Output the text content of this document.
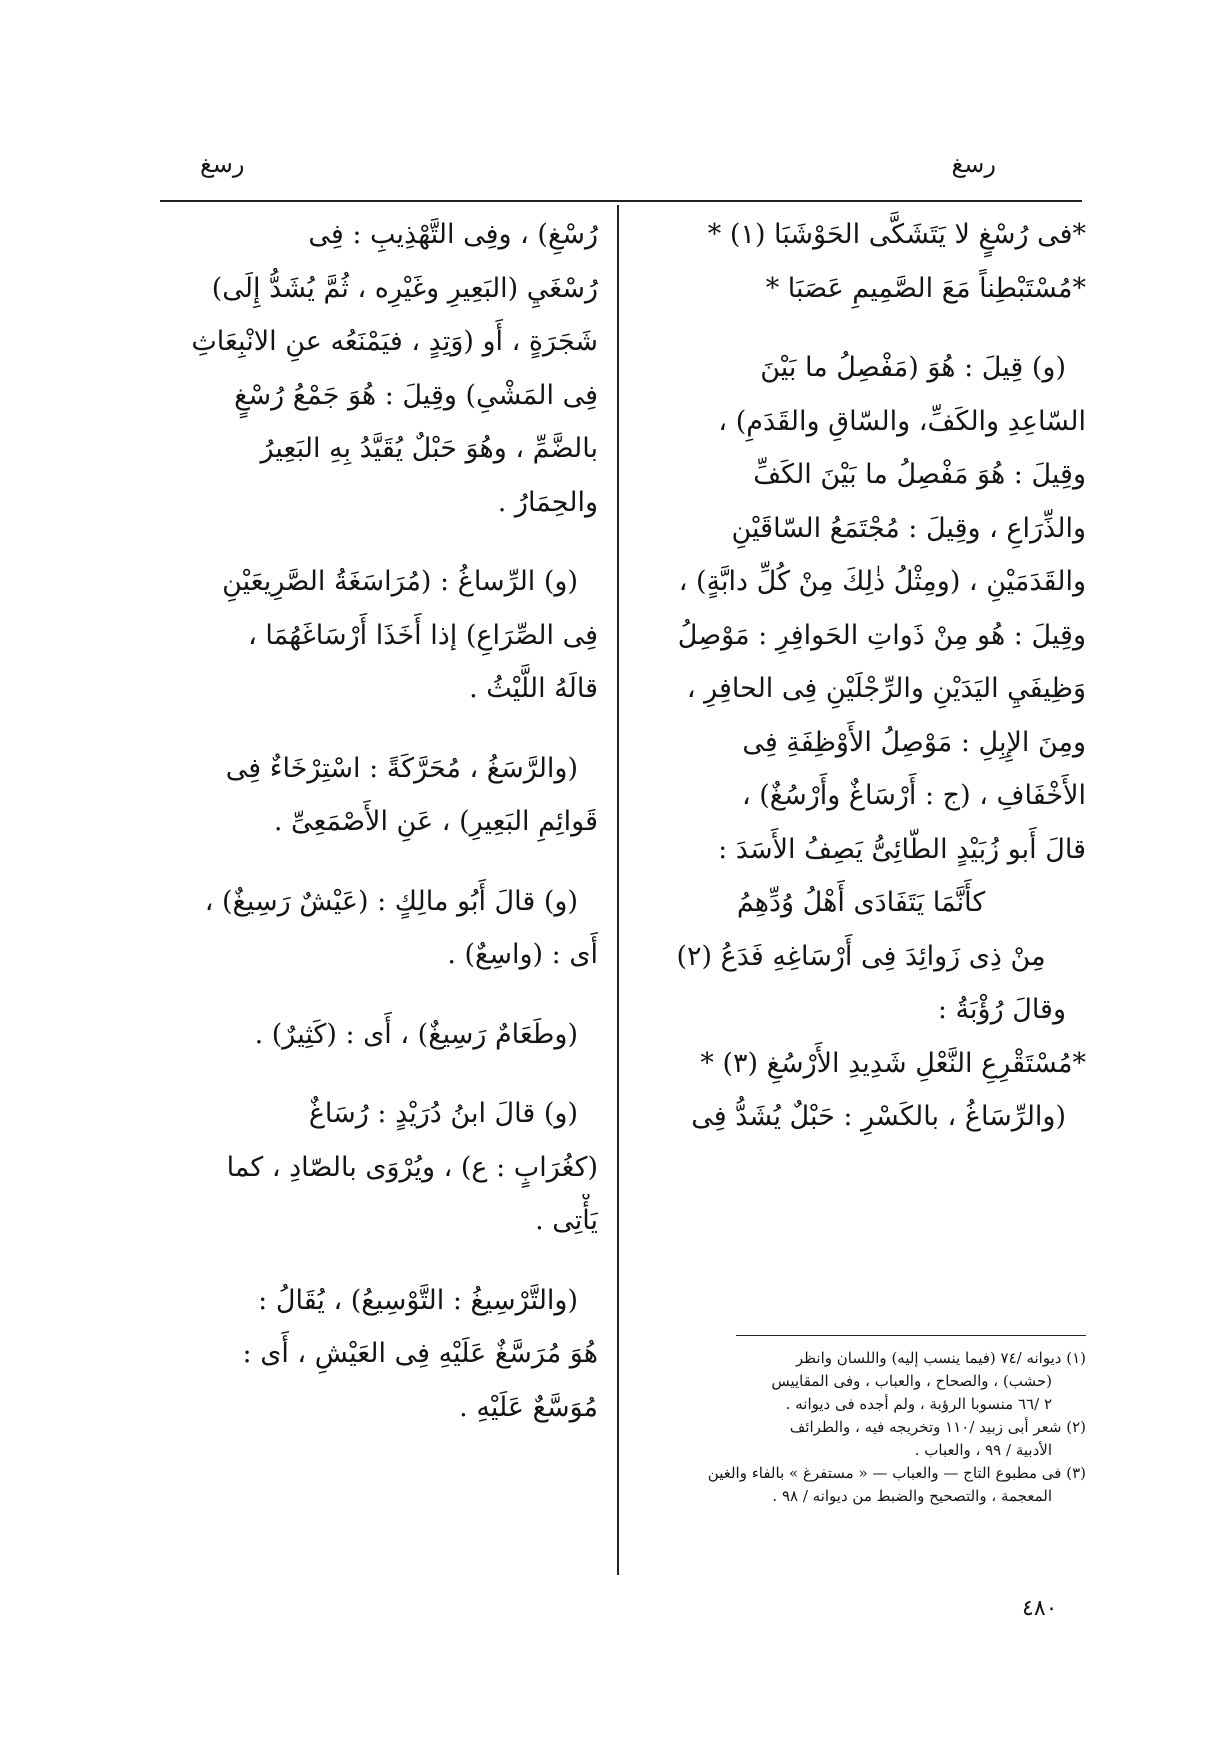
رسغ
رسغ
*فى رُسْغٍ لا يَتَشَكَّى الحَوْشَبَا (١) *
*مُسْتَبْطِناً مَعَ الصَّمِيمِ عَصَبَا *
(و) قِيلَ : هُوَ (مَفْصِلُ ما بَيْنَ
السّاعِدِ والكَفِّ، والسّاقِ والقَدَمِ) ،
وقِيلَ : هُوَ مَفْصِلُ ما بَيْنَ الكَفِّ
والذِّرَاعِ ، وقِيلَ : مُجْتَمَعُ السّاقَيْنِ
والقَدَمَيْنِ ، (ومِثْلُ ذٰلِكَ مِنْ كُلِّ دابَّةٍ) ،
وقِيلَ : هُو مِنْ ذَواتِ الحَوافِرِ : مَوْصِلُ
وَظِيفَيِ اليَدَيْنِ والرِّجْلَيْنِ فِى الحافِرِ ،
ومِنَ الإِبِلِ : مَوْصِلُ الأَوْظِفَةِ فِى
الأَخْفَافِ ، (ج : أَرْسَاغٌ وأَرْسُغٌ) ،
قالَ أَبو زُبَيْدٍ الطّائِىُّ يَصِفُ الأَسَدَ :
كأَنَّمَا يَتَفَادَى أَهْلُ وُدِّهِمُ
مِنْ ذِى زَوائِدَ فِى أَرْسَاغِهِ فَدَعُ (٢)
وقالَ رُؤْبَةُ :
*مُسْتَقْرِعِ النَّعْلِ شَدِيدِ الأَرْسُغِ (٣) *
(والرِّسَاغُ ، بالكَسْرِ : حَبْلٌ يُشَدُّ فِى
رُسْغِ) ، وفِى التَّهْذِيبِ : فِى
رُسْغَيِ (البَعِيرِ وغَيْرِه ، ثُمَّ يُشَدُّ إِلَى)
شَجَرَةٍ ، أَو (وَتِدٍ ، فيَمْنَعُه عنِ الانْبِعَاثِ
فِى المَشْىِ) وقِيلَ : هُوَ جَمْعُ رُسْغٍ
بالضَّمِّ ، وهُوَ حَبْلٌ يُقَيَّدُ بِهِ البَعِيرُ
والحِمَارُ .
(و) الرِّساغُ : (مُرَاسَغَةُ الصَّرِيعَيْنِ
فِى الصِّرَاعِ) إذا أَخَذَا أَرْسَاغَهُمَا ،
قالَهُ اللَّيْثُ .
(والرَّسَغُ ، مُحَرَّكَةً : اسْتِرْخَاءٌ فِى
قَوائِمِ البَعِيرِ) ، عَنِ الأَصْمَعِىِّ .
(و) قالَ أَبُو مالِكٍ : (عَيْشٌ رَسِيغٌ) ،
أَى : (واسِعٌ) .
(وطَعَامٌ رَسِيغٌ) ، أَى : (كَثِيرٌ) .
(و) قالَ ابنُ دُرَيْدٍ : رُسَاغٌ
(كغُرَابٍ : ع) ، ويُرْوَى بالصّادِ ، كما
يَأْتِى .
(والتَّرْسِيغُ : التَّوْسِيعُ) ، يُقَالُ :
هُوَ مُرَسَّغٌ عَلَيْهِ فِى العَيْشِ ، أَى :
مُوَسَّعٌ عَلَيْهِ .
(١) ديوانه /٧٤ (فيما ينسب إليه) واللسان وانظر
(حشب) ، والصحاح ، والعباب ، وفى المقاييس
٢ /٦٦ منسوبا الرؤبة ، ولم أجده فى ديوانه .
(٢) شعر أبى زبيد /١١٠ وتخريجه فيه ، والطرائف
الأدبية / ٩٩ ، والعباب .
(٣) فى مطبوع التاج — والعباب — « مستفرغ » بالفاء والغين
المعجمة ، والتصحيح والضبط من ديوانه / ٩٨ .
٤٨٠
